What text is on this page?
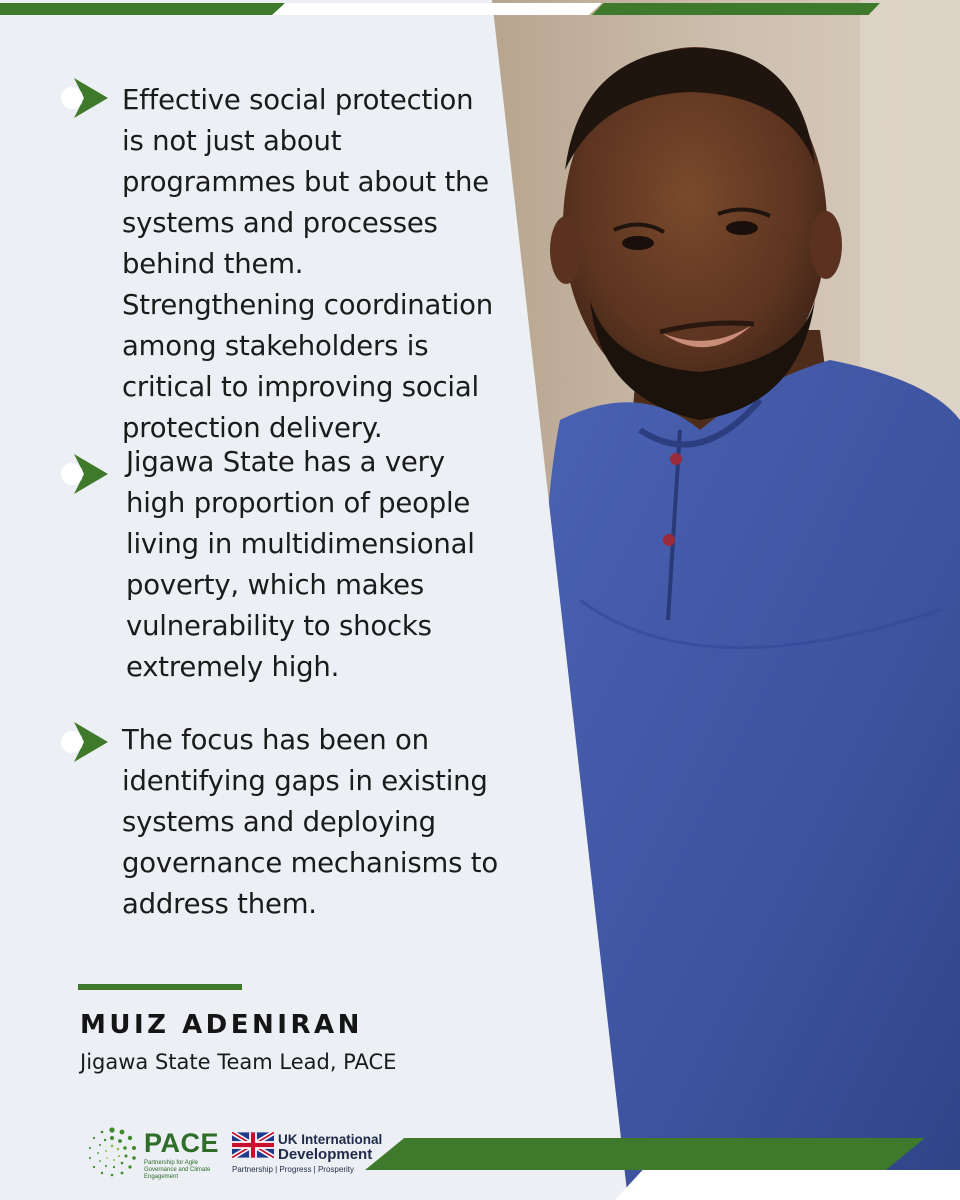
Effective social protection is not just about programmes but about the systems and processes behind them. Strengthening coordination among stakeholders is critical to improving social protection delivery.

Jigawa State has a very high proportion of people living in multidimensional poverty, which makes vulnerability to shocks extremely high.

The focus has been on identifying gaps in existing systems and deploying governance mechanisms to address them.

MUIZ ADENIRAN

Jigawa State Team Lead, PACE

PACE
Partnership for Agile Governance and Climate Engagement
UK International
Development
Partnership | Progress | Prosperity
